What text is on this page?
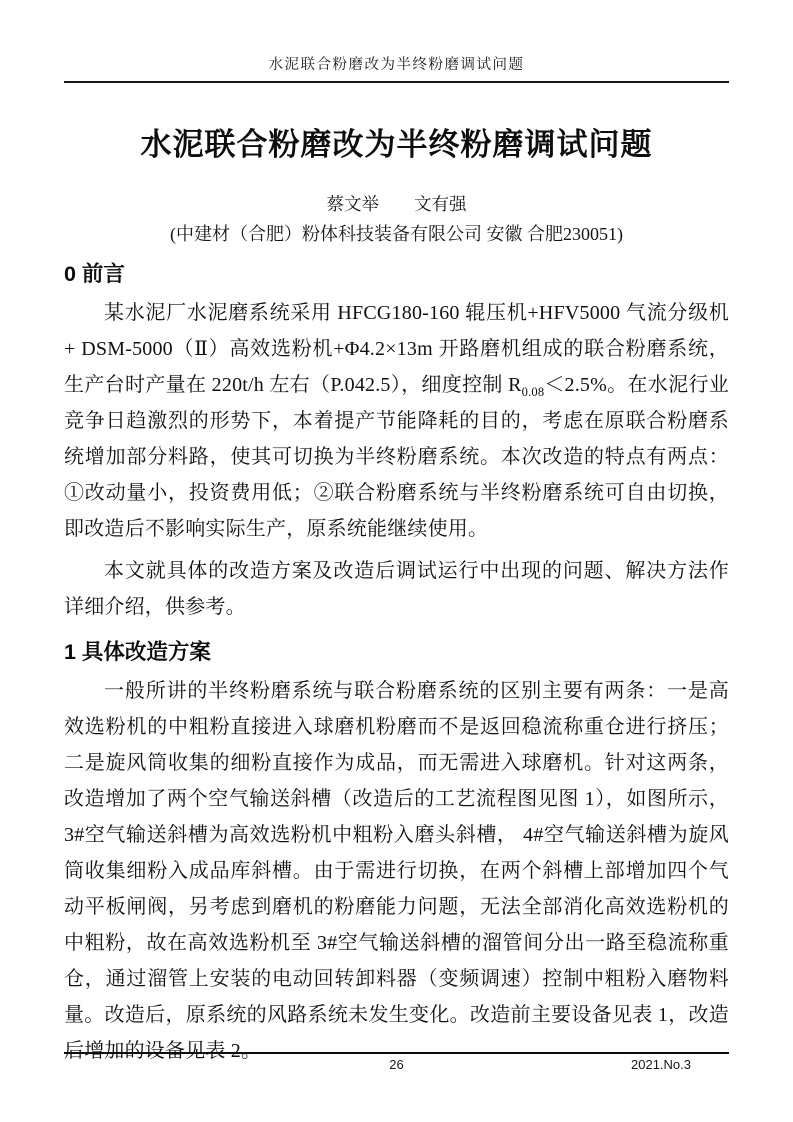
水泥联合粉磨改为半终粉磨调试问题
水泥联合粉磨改为半终粉磨调试问题
蔡文举　　文有强
(中建材（合肥）粉体科技装备有限公司 安徽 合肥230051)
0 前言

某水泥厂水泥磨系统采用 HFCG180-160 辊压机+HFV5000 气流分级机+ DSM-5000（Ⅱ）高效选粉机+Φ4.2×13m 开路磨机组成的联合粉磨系统，生产台时产量在 220t/h 左右（P.042.5），细度控制 $R_{0.08}<2.5\%$。在水泥行业竞争日趋激烈的形势下，本着提产节能降耗的目的，考虑在原联合粉磨系统增加部分料路，使其可切换为半终粉磨系统。本次改造的特点有两点：①改动量小，投资费用低；②联合粉磨系统与半终粉磨系统可自由切换，即改造后不影响实际生产，原系统能继续使用。

本文就具体的改造方案及改造后调试运行中出现的问题、解决方法作详细介绍，供参考。

1 具体改造方案

一般所讲的半终粉磨系统与联合粉磨系统的区别主要有两条：一是高效选粉机的中粗粉直接进入球磨机粉磨而不是返回稳流称重仓进行挤压；二是旋风筒收集的细粉直接作为成品，而无需进入球磨机。针对这两条，改造增加了两个空气输送斜槽（改造后的工艺流程图见图 1），如图所示，3#空气输送斜槽为高效选粉机中粗粉入磨头斜槽， 4#空气输送斜槽为旋风筒收集细粉入成品库斜槽。由于需进行切换，在两个斜槽上部增加四个气动平板闸阀，另考虑到磨机的粉磨能力问题，无法全部消化高效选粉机的中粗粉，故在高效选粉机至 3#空气输送斜槽的溜管间分出一路至稳流称重仓，通过溜管上安装的电动回转卸料器（变频调速）控制中粗粉入磨物料量。改造后，原系统的风路系统未发生变化。改造前主要设备见表 1，改造后增加的设备见表 2。

26	2021.No.3
